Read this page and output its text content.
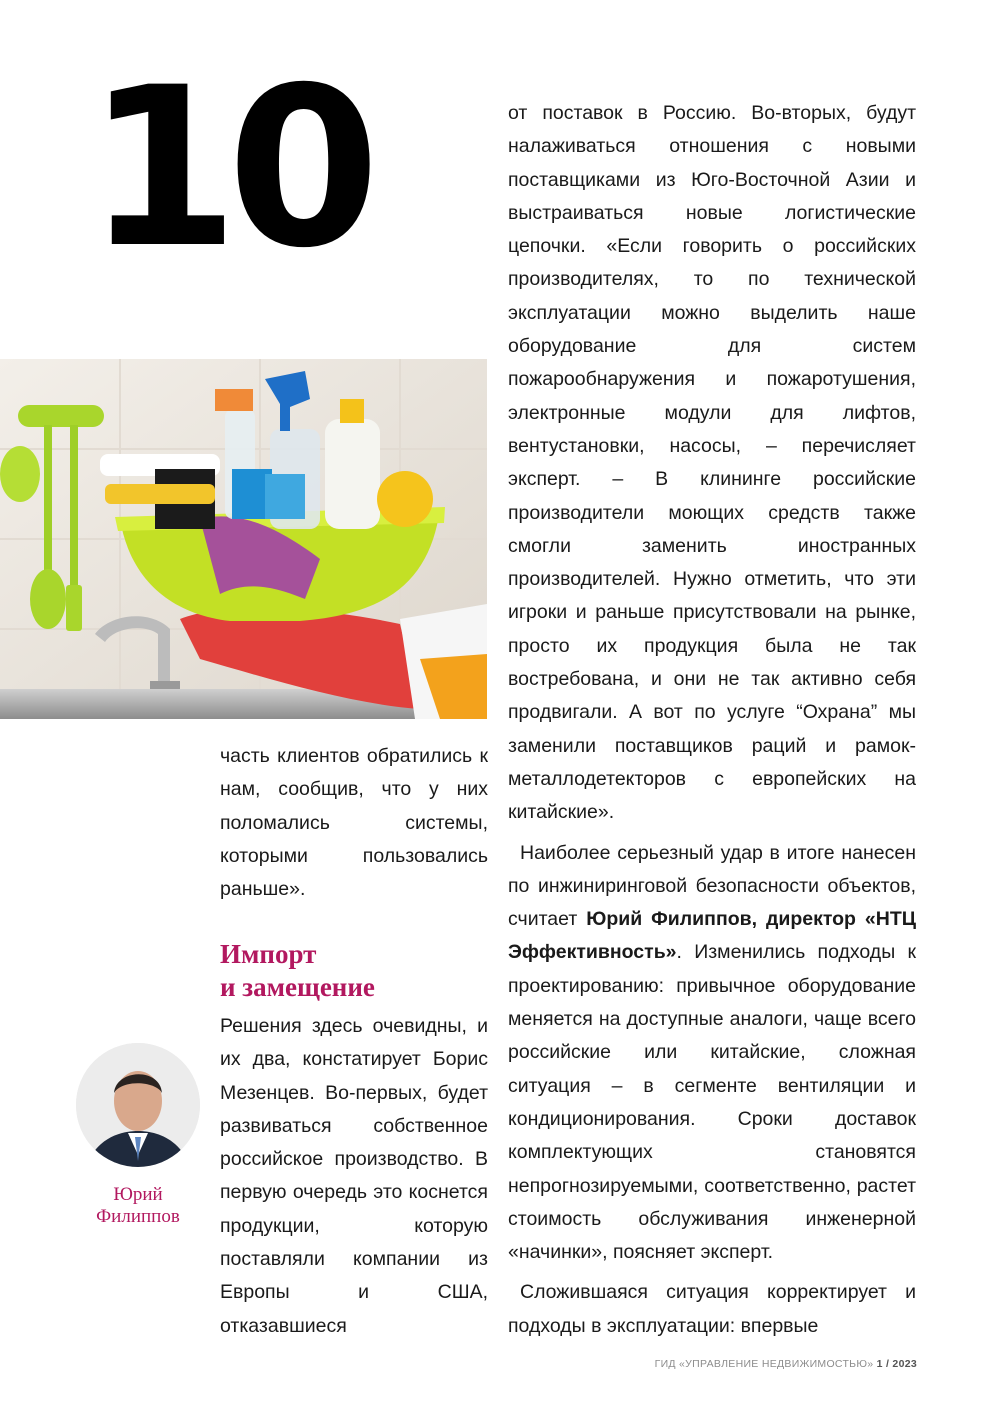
10

часть клиентов обратились к нам, сообщив, что у них поломались системы, которыми пользовались раньше».

Импорт
и замещение

Решения здесь очевидны, и их два, констатирует Борис Мезенцев. Во-первых, будет развиваться собственное российское производство. В первую очередь это коснется продукции, которую поставляли компании из Европы и США, отказавшиеся

Юрий
Филиппов

от поставок в Россию. Во-вторых, будут налаживаться отношения с новыми поставщиками из Юго-Восточной Азии и выстраиваться новые логистические цепочки. «Если говорить о российских производителях, то по технической эксплуатации можно выделить наше оборудование для систем пожарообнаружения и пожаротушения, электронные модули для лифтов, вентустановки, насосы, – перечисляет эксперт. – В клининге российские производители моющих средств также смогли заменить иностранных производителей. Нужно отметить, что эти игроки и раньше присутствовали на рынке, просто их продукция была не так востребована, и они не так активно себя продвигали. А вот по услуге “Охрана” мы заменили поставщиков раций и рамок-металлодетекторов с европейских на китайские».

Наиболее серьезный удар в итоге нанесен по инжиниринговой безопасности объектов, считает Юрий Филиппов, директор «НТЦ Эффективность». Изменились подходы к проектированию: привычное оборудование меняется на доступные аналоги, чаще всего российские или китайские, сложная ситуация – в сегменте вентиляции и кондиционирования. Сроки доставок комплектующих становятся непрогнозируемыми, соответственно, растет стоимость обслуживания инженерной «начинки», поясняет эксперт.

Сложившаяся ситуация корректирует и подходы в эксплуатации: впервые

ГИД «УПРАВЛЕНИЕ НЕДВИЖИМОСТЬЮ» 1 / 2023
